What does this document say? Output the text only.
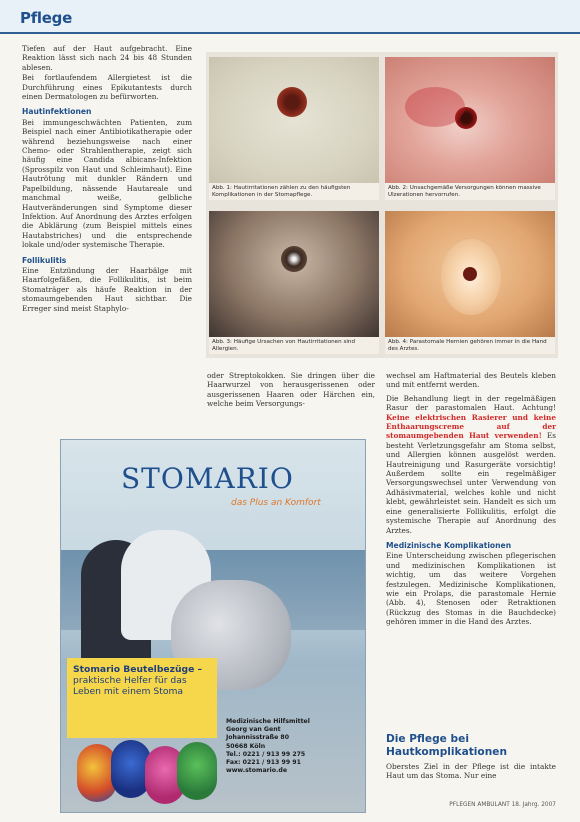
Pflege

Tiefen auf der Haut aufgebracht. Eine Reaktion lässt sich nach 24 bis 48 Stunden ablesen.

Bei fortlaufendem Allergietest ist die Durchführung eines Epikutantests durch einen Dermatologen zu befürworten.

Hautinfektionen

Bei immungeschwächten Patienten, zum Beispiel nach einer Antibiotikatherapie oder während beziehungsweise nach einer Chemo- oder Strahlentherapie, zeigt sich häufig eine Candida albicans-Infektion (Sprosspilz von Haut und Schleimhaut). Eine Hautrötung mit dunkler Rändern und Papelbildung, nässende Hautareale und manchmal weiße, gelbliche Hautveränderungen sind Symptome dieser Infektion. Auf Anordnung des Arztes erfolgen die Abklärung (zum Beispiel mittels eines Hautabstriches) und die entsprechende lokale und/oder systemische Therapie.

Follikulitis

Eine Entzündung der Haarbälge mit Haarfolgefäßen, die Follikulitis, ist beim Stomaträger als häufe Reaktion in der stomaumgebenden Haut sichtbar. Die Erreger sind meist Staphylo-

Abb. 1: Hautirritationen zählen zu den häufigsten Komplikationen in der Stomapflege.
Abb. 2: Unsachgemäße Versorgungen können massive Ulzerationen hervorrufen.
Abb. 3: Häufige Ursachen von Hautirritationen sind Allergien.
Abb. 4: Parastomale Hernien gehören immer in die Hand des Arztes.

oder Streptokokken. Sie dringen über die Haarwurzel von herausgerissenen oder ausgerissenen Haaren oder Härchen ein, welche beim Versorgungs-

wechsel am Haftmaterial des Beutels kleben und mit entfernt werden.

Die Behandlung liegt in der regelmäßigen Rasur der parastomalen Haut. Achtung! Keine elektrischen Rasierer und keine Enthaarungscreme auf der stomaumgebenden Haut verwenden! Es besteht Verletzungsgefahr am Stoma selbst, und Allergien können ausgelöst werden. Hautreinigung und Rasurgeräte vorsichtig! Außerdem sollte ein regelmäßiger Versorgungswechsel unter Verwendung von Adhäsivmaterial, welches kohle und nicht klebt, gewährleistet sein. Handelt es sich um eine generalisierte Follikulitis, erfolgt die systemische Therapie auf Anordnung des Arztes.

Medizinische Komplikationen

Eine Unterscheidung zwischen pflegerischen und medizinischen Komplikationen ist wichtig, um das weitere Vorgehen festzulegen. Medizinische Komplikationen, wie ein Prolaps, die parastomale Hernie (Abb. 4), Stenosen oder Retraktionen (Rückzug des Stomas in die Bauchdecke) gehören immer in die Hand des Arztes.

STOMARIO
das Plus an Komfort
Stomario Beutelbezüge –
praktische Helfer für das Leben mit einem Stoma
Medizinische Hilfsmittel
Georg van Gent
Johannisstraße 80
50668 Köln
Tel.: 0221 / 913 99 275
Fax: 0221 / 913 99 91
www.stomario.de
Die Pflege bei Hautkomplikationen

Oberstes Ziel in der Pflege ist die intakte Haut um das Stoma. Nur eine

PFLEGEN AMBULANT 18. Jahrg. 2007
